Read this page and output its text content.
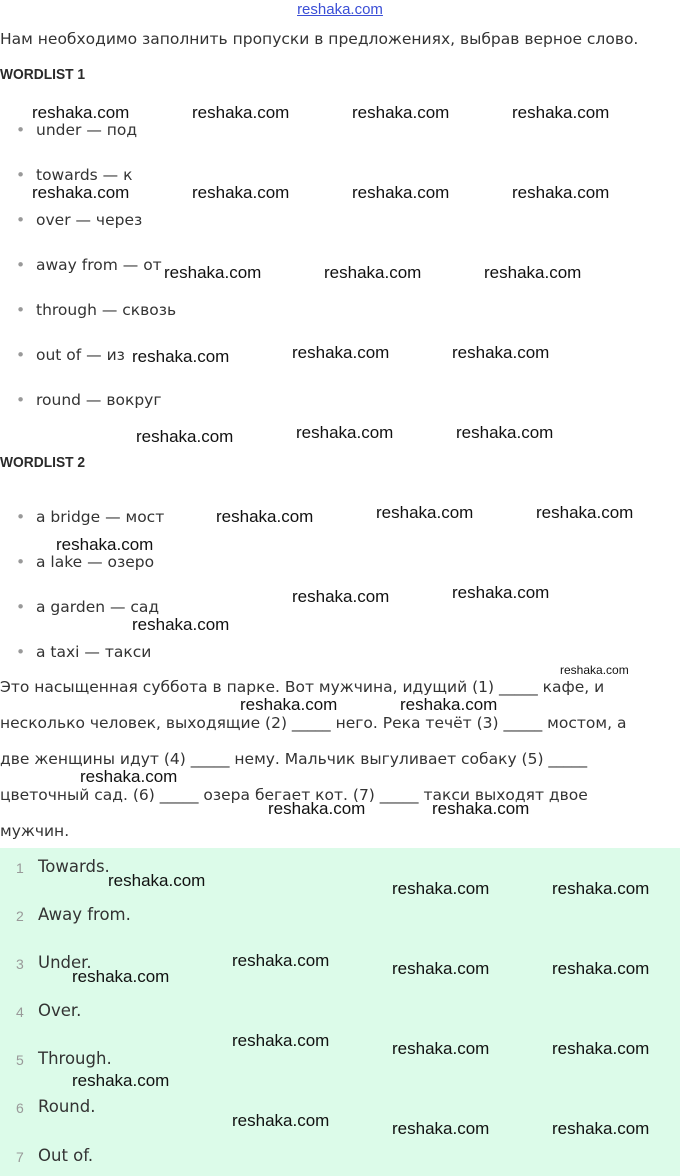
reshaka.com
Нам необходимо заполнить пропуски в предложениях, выбрав верное слово.
WORDLIST 1
• under — под
• towards — к
• over — через
• away from — от
• through — сквозь
• out of — из
• round — вокруг
WORDLIST 2
• a bridge — мост
• a lake — озеро
• a garden — сад
• a taxi — такси
Это насыщенная суббота в парке. Вот мужчина, идущий (1) _____ кафе, и
несколько человек, выходящие (2) _____ него. Река течёт (3) _____ мостом, а
две женщины идут (4) _____ нему. Мальчик выгуливает собаку (5) _____
цветочный сад. (6) _____ озера бегает кот. (7) _____ такси выходят двое
мужчин.
1 Towards.
2 Away from.
3 Under.
4 Over.
5 Through.
6 Round.
7 Out of.
reshaka.com	reshaka.com	reshaka.com	reshaka.com
reshaka.com	reshaka.com	reshaka.com	reshaka.com
reshaka.com	reshaka.com	reshaka.com
reshaka.com	reshaka.com	reshaka.com
reshaka.com	reshaka.com	reshaka.com
reshaka.com	reshaka.com	reshaka.com
reshaka.com
reshaka.com	reshaka.com
reshaka.com
reshaka.com	reshaka.com
reshaka.com
reshaka.com	reshaka.com
reshaka.com	reshaka.com	reshaka.com
reshaka.com
reshaka.com	reshaka.com	reshaka.com
reshaka.com	reshaka.com	reshaka.com
reshaka.com
reshaka.com	reshaka.com	reshaka.com
reshaka.com
